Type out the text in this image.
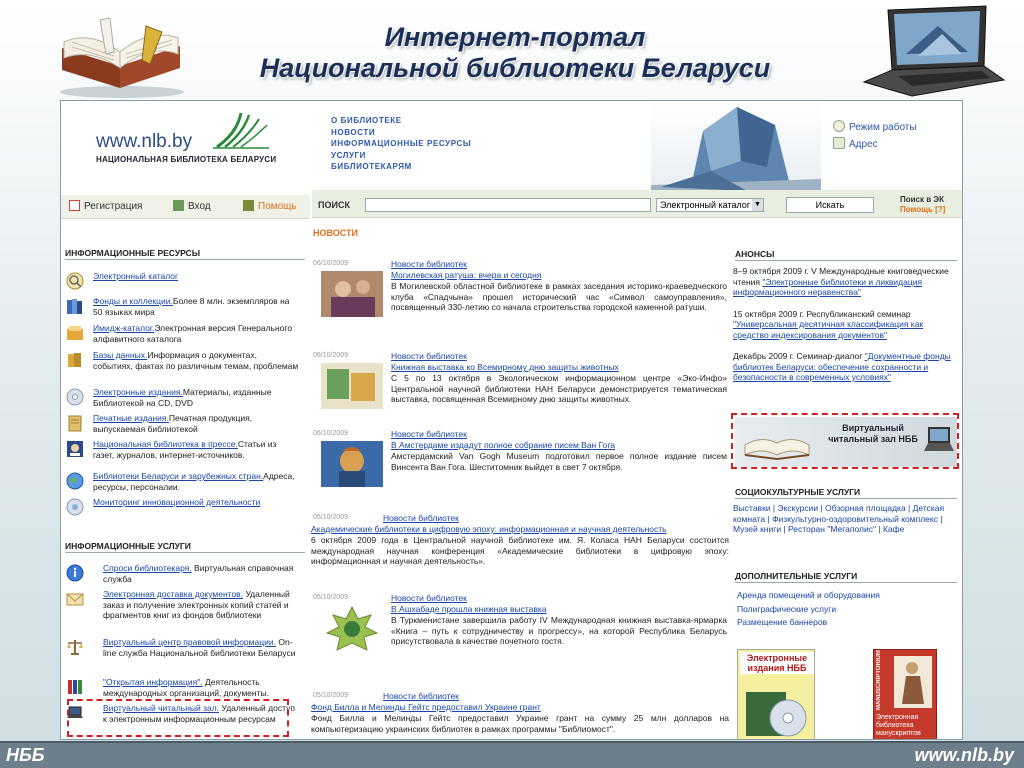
Интернет-портал
Национальной библиотеки Беларуси
www.nlb.by
НАЦИОНАЛЬНАЯ БИБЛИОТЕКА БЕЛАРУСИ
О БИБЛИОТЕКЕ
НОВОСТИ
ИНФОРМАЦИОННЫЕ РЕСУРСЫ
УСЛУГИ
БИБЛИОТЕКАРЯМ
Режим работы
Адрес
Регистрация	Вход	Помощь ПОИСК	Электронный каталог ▼	Искать
Поиск в ЭК
Помощь [?]
ИНФОРМАЦИОННЫЕ РЕСУРСЫ
Электронный каталог
Фонды и коллекции.Более 8 млн. экземпляров на 50 языках мира
Имидж-каталог.Электронная версия Генерального алфавитного каталога
Базы данных.Информация о документах, событиях, фактах по различным темам, проблемам
Электронные издания.Материалы, изданные Библиотекой на CD, DVD
Печатные издания.Печатная продукция, выпускаемая библиотекой
Национальная библиотека в прессе.Статьи из газет, журналов, интернет-источников.
Библиотеки Беларуси и зарубежных стран.Адреса, ресурсы, персоналии.
Мониторинг инновационной деятельности
ИНФОРМАЦИОННЫЕ УСЛУГИ
Спроси библиотекаря. Виртуальная справочная служба
Электронная доставка документов. Удаленный заказ и получение электронных копий статей и фрагментов книг из фондов библиотеки
Виртуальный центр правовой информации. On-line служба Национальной библиотеки Беларуси
"Открытая информация". Деятельность международных организаций, документы.
Виртуальный читальный зал. Удаленный доступ к электронным информационным ресурсам
НОВОСТИ
06/10/2009	Новости библиотек
Могилевская ратуша: вчера и сегодня
В Могилевской областной библиотеке в рамках заседания историко-краеведческого клуба «Спадчына» прошел исторический час «Символ самоуправления», посвященный 330-летию со начала строительства городской каменной ратуши.
06/10/2009	Новости библиотек
Книжная выставка ко Всемирному дню защиты животных
С 5 по 13 октября в Экологическом информационном центре «Эко-Инфо» Центральной научной библиотеки НАН Беларуси демонстрируется тематическая выставка, посвященная Всемирному дню защиты животных.
06/10/2009	Новости библиотек
В Амстердаме издадут полное собрание писем Ван Гога
Амстердамский Van Gogh Museum подготовил первое полное издание писем Винсента Ван Гога. Шеститомник выйдет в свет 7 октября.
05/10/2009	Новости библиотек
Академические библиотеки в цифровую эпоху: информационная и научная деятельность
6 октября 2009 года в Центральной научной библиотеке им. Я. Коласа НАН Беларуси состоится международная научная конференция «Академические библиотеки в цифровую эпоху: информационная и научная деятельность».
05/10/2009	Новости библиотек
В Ашхабаде прошла книжная выставка
В Туркменистане завершила работу IV Международная книжная выставка-ярмарка «Книга – путь к сотрудничеству и прогрессу», на которой Республика Беларусь присутствовала в качестве почетного гостя.
05/10/2009	Новости библиотек
Фонд Билла и Мелинды Гейтс предоставил Украине грант
Фонд Билла и Мелинды Гейтс предоставил Украине грант на сумму 25 млн долларов на компьютеризацию украинских библиотек в рамках программы "Библиомост".
АНОНСЫ
8–9 октября 2009 г. V Международные книговедческие чтения "Электронные библиотеки и ликвидация информационного неравенства"
15 октября 2009 г. Республиканский семинар "Универсальная десятичная классификация как средство индексирования документов"
Декабрь 2009 г. Семинар-диалог "Документные фонды библиотек Беларуси: обеспечение сохранности и безопасности в современных условиях"
Виртуальный читальный зал НББ
СОЦИОКУЛЬТУРНЫЕ УСЛУГИ
Выставки | Экскурсии | Обзорная площадка | Детская комната | Физкультурно-оздоровительный комплекс | Музей книги | Ресторан "Мегаполис" | Кафе
ДОПОЛНИТЕЛЬНЫЕ УСЛУГИ
Аренда помещений и оборудования
Полиграфические услуги
Размещение баннеров
Электронные издания НББ	MANUSCRIPTORIUM
Электронная библиотека манускриптов
НББ	www.nlb.by
